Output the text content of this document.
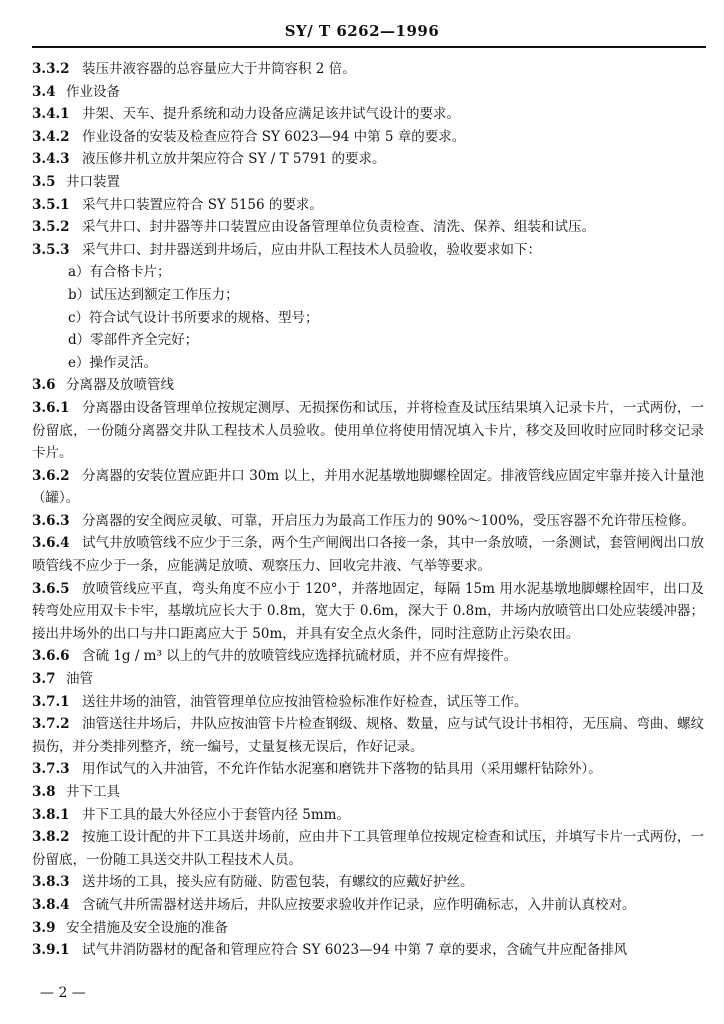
SY/ T 6262—1996
3.3.2 装压井液容器的总容量应大于井筒容积 2 倍。
3.4 作业设备
3.4.1 井架、天车、提升系统和动力设备应满足该井试气设计的要求。
3.4.2 作业设备的安装及检查应符合 SY 6023—94 中第 5 章的要求。
3.4.3 液压修井机立放井架应符合 SY / T 5791 的要求。
3.5 井口装置
3.5.1 采气井口装置应符合 SY 5156 的要求。
3.5.2 采气井口、封井器等井口装置应由设备管理单位负责检查、清洗、保养、组装和试压。
3.5.3 采气井口、封井器送到井场后，应由井队工程技术人员验收，验收要求如下：
a）有合格卡片；
b）试压达到额定工作压力；
c）符合试气设计书所要求的规格、型号；
d）零部件齐全完好；
e）操作灵活。
3.6 分离器及放喷管线
3.6.1 分离器由设备管理单位按规定测厚、无损探伤和试压，并将检查及试压结果填入记录卡片，一式两份，一份留底，一份随分离器交井队工程技术人员验收。使用单位将使用情况填入卡片，移交及回收时应同时移交记录卡片。
3.6.2 分离器的安装位置应距井口 30m 以上，并用水泥基墩地脚螺栓固定。排液管线应固定牢靠并接入计量池（罐）。
3.6.3 分离器的安全阀应灵敏、可靠，开启压力为最高工作压力的 90%～100%，受压容器不允许带压检修。
3.6.4 试气井放喷管线不应少于三条，两个生产闸阀出口各接一条，其中一条放喷，一条测试，套管闸阀出口放喷管线不应少于一条，应能满足放喷、观察压力、回收完井液、气举等要求。
3.6.5 放喷管线应平直，弯头角度不应小于 120°，并落地固定，每隔 15m 用水泥基墩地脚螺栓固牢，出口及转弯处应用双卡卡牢，基墩坑应长大于 0.8m，宽大于 0.6m，深大于 0.8m，井场内放喷管出口处应装缓冲器；接出井场外的出口与井口距离应大于 50m，并具有安全点火条件，同时注意防止污染农田。
3.6.6 含硫 1g / m³ 以上的气井的放喷管线应选择抗硫材质，并不应有焊接件。
3.7 油管
3.7.1 送往井场的油管，油管管理单位应按油管检验标准作好检查，试压等工作。
3.7.2 油管送往井场后，井队应按油管卡片检查钢级、规格、数量，应与试气设计书相符，无压扁、弯曲、螺纹损伤，并分类排列整齐，统一编号，丈量复核无误后，作好记录。
3.7.3 用作试气的入井油管，不允许作钻水泥塞和磨铣井下落物的钻具用（采用螺杆钻除外）。
3.8 井下工具
3.8.1 井下工具的最大外径应小于套管内径 5mm。
3.8.2 按施工设计配的井下工具送井场前，应由井下工具管理单位按规定检查和试压，并填写卡片一式两份，一份留底，一份随工具送交井队工程技术人员。
3.8.3 送井场的工具，接头应有防碰、防雹包装，有螺纹的应戴好护丝。
3.8.4 含硫气井所需器材送井场后，井队应按要求验收并作记录，应作明确标志，入井前认真校对。
3.9 安全措施及安全设施的准备
3.9.1 试气井消防器材的配备和管理应符合 SY 6023—94 中第 7 章的要求，含硫气井应配备排风
— 2 —
